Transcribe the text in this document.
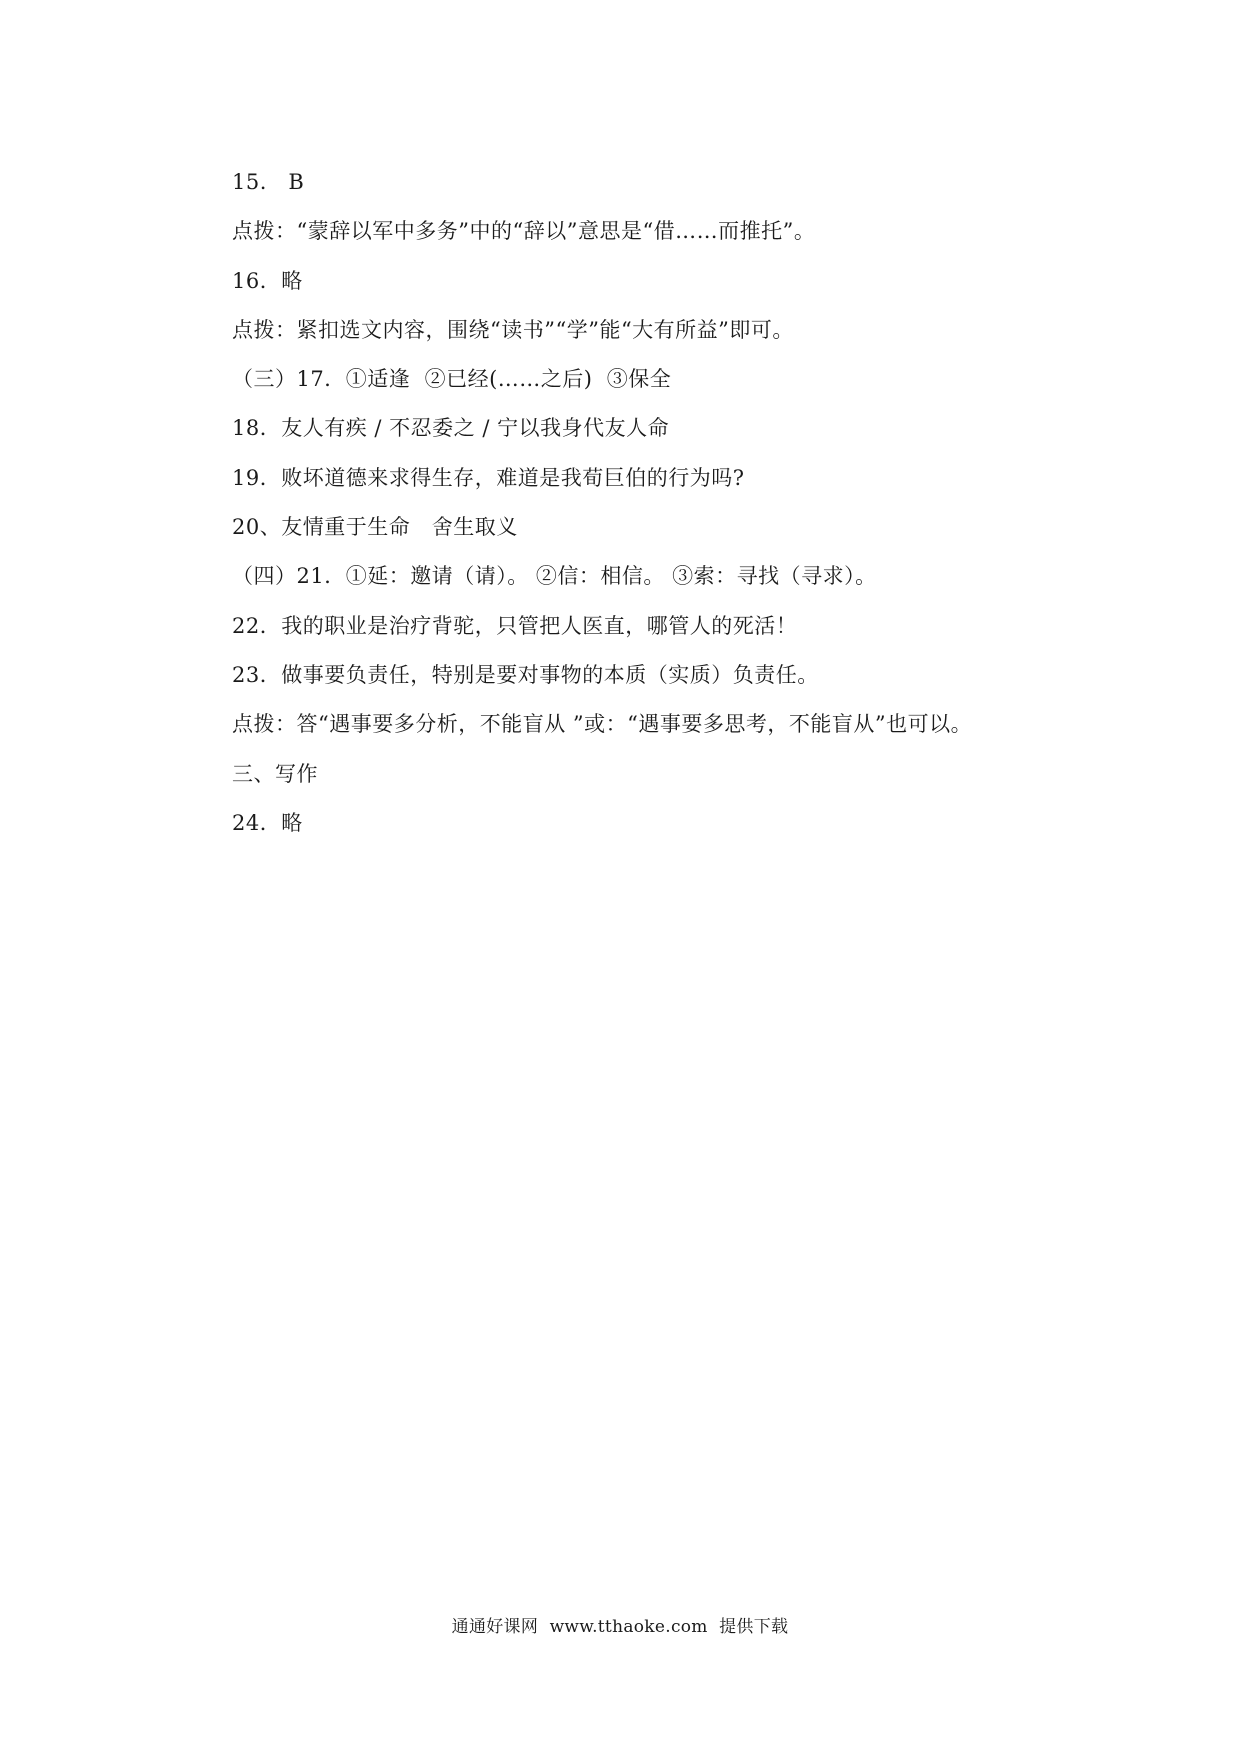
15.   B
点拨：“蒙辞以军中多务”中的“辞以”意思是“借……而推托”。
16．略
点拨：紧扣选文内容，围绕“读书”“学”能“大有所益”即可。
（三）17．①适逢  ②已经(……之后)  ③保全
18．友人有疾 / 不忍委之 / 宁以我身代友人命
19．败坏道德来求得生存，难道是我荀巨伯的行为吗?
20、友情重于生命   舍生取义
（四）21．①延：邀请（请）。 ②信：相信。 ③索：寻找（寻求）。
22．我的职业是治疗背驼，只管把人医直，哪管人的死活！
23．做事要负责任，特别是要对事物的本质（实质）负责任。
点拨：答“遇事要多分析，不能盲从 ”或：“遇事要多思考，不能盲从”也可以。
三、写作
24．略
通通好课网  www.tthaoke.com  提供下载
